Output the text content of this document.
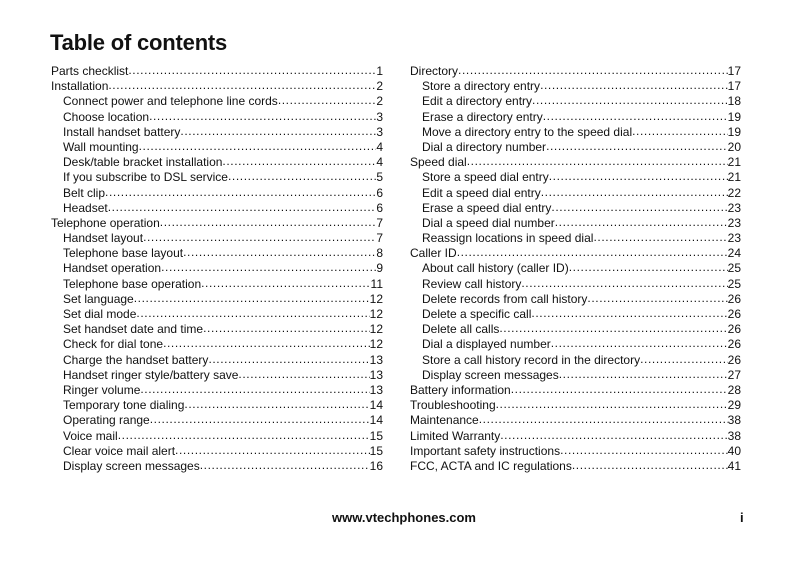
Table of contents
Parts checklist .....	1
Installation .....	2
Connect power and telephone line cords .....	2
Choose location .....	3
Install handset battery .....	3
Wall mounting .....	4
Desk/table bracket installation .....	4
If you subscribe to DSL service .....	5
Belt clip .....	6
Headset .....	6
Telephone operation .....	7
Handset layout .....	7
Telephone base layout .....	8
Handset operation .....	9
Telephone base operation .....	11
Set language .....	12
Set dial mode .....	12
Set handset date and time .....	12
Check for dial tone .....	12
Charge the handset battery .....	13
Handset ringer style/battery save .....	13
Ringer volume .....	13
Temporary tone dialing .....	14
Operating range .....	14
Voice mail .....	15
Clear voice mail alert .....	15
Display screen messages .....	16
Directory .....	17
Store a directory entry .....	17
Edit a directory entry .....	18
Erase a directory entry .....	19
Move a directory entry to the speed dial .....	19
Dial a directory number .....	20
Speed dial .....	21
Store a speed dial entry .....	21
Edit a speed dial entry .....	22
Erase a speed dial entry .....	23
Dial a speed dial number .....	23
Reassign locations in speed dial .....	23
Caller ID .....	24
About call history (caller ID) .....	25
Review call history .....	25
Delete records from call history .....	26
Delete a specific call .....	26
Delete all calls .....	26
Dial a displayed number .....	26
Store a call history record in the directory .....	26
Display screen messages .....	27
Battery information .....	28
Troubleshooting .....	29
Maintenance .....	38
Limited Warranty .....	38
Important safety instructions .....	40
FCC, ACTA and IC regulations .....	41
www.vtechphones.com	i
